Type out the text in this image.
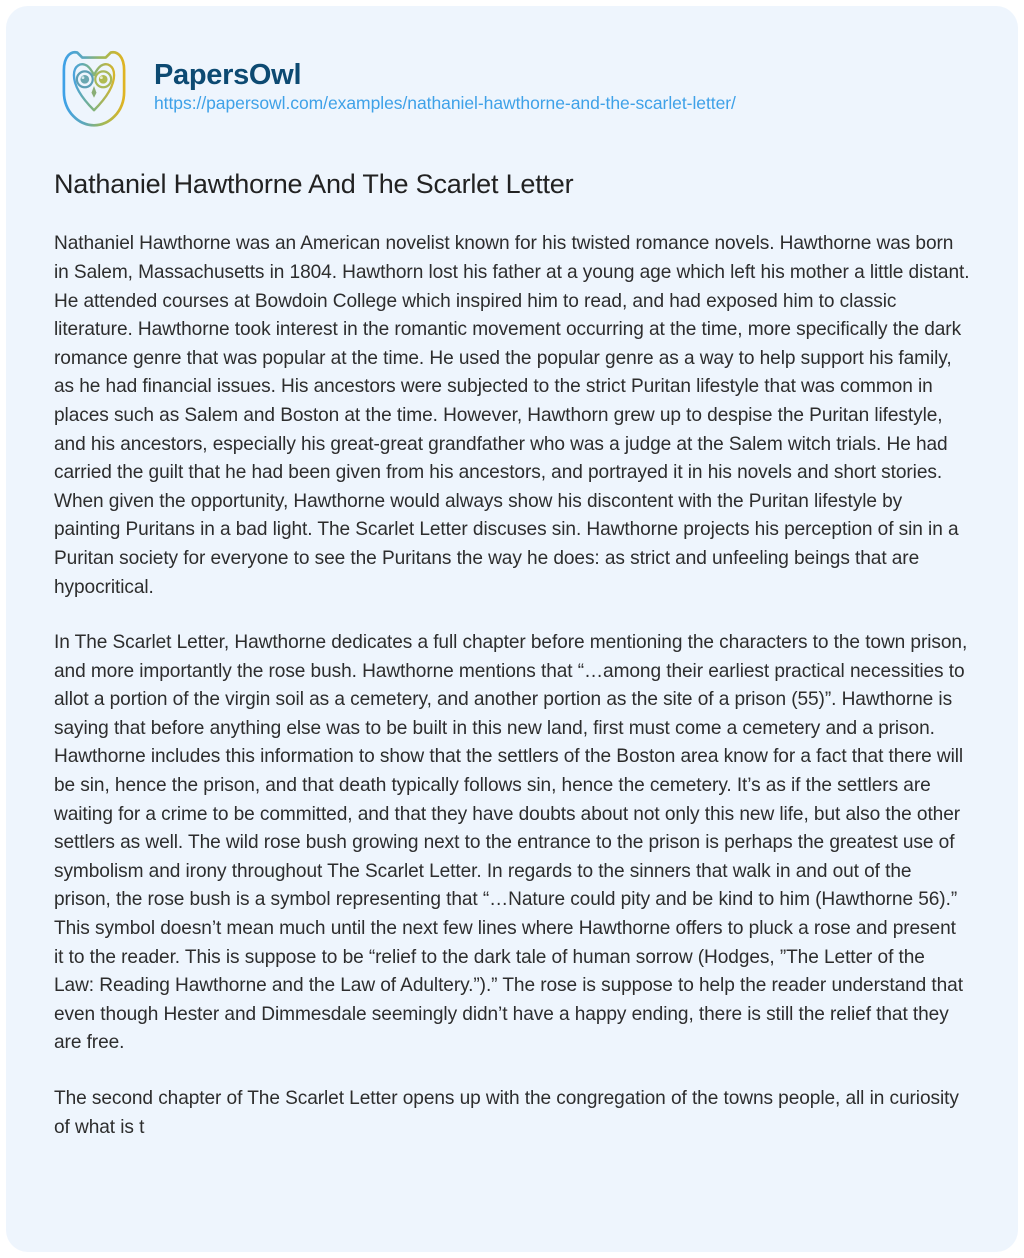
PapersOwl
https://papersowl.com/examples/nathaniel-hawthorne-and-the-scarlet-letter/
Nathaniel Hawthorne And The Scarlet Letter

Nathaniel Hawthorne was an American novelist known for his twisted romance novels. Hawthorne was born in Salem, Massachusetts in 1804. Hawthorn lost his father at a young age which left his mother a little distant. He attended courses at Bowdoin College which inspired him to read, and had exposed him to classic literature. Hawthorne took interest in the romantic movement occurring at the time, more specifically the dark romance genre that was popular at the time. He used the popular genre as a way to help support his family, as he had financial issues. His ancestors were subjected to the strict Puritan lifestyle that was common in places such as Salem and Boston at the time. However, Hawthorn grew up to despise the Puritan lifestyle, and his ancestors, especially his great-great grandfather who was a judge at the Salem witch trials. He had carried the guilt that he had been given from his ancestors, and portrayed it in his novels and short stories. When given the opportunity, Hawthorne would always show his discontent with the Puritan lifestyle by painting Puritans in a bad light. The Scarlet Letter discuses sin. Hawthorne projects his perception of sin in a Puritan society for everyone to see the Puritans the way he does: as strict and unfeeling beings that are hypocritical.

In The Scarlet Letter, Hawthorne dedicates a full chapter before mentioning the characters to the town prison, and more importantly the rose bush. Hawthorne mentions that “…among their earliest practical necessities to allot a portion of the virgin soil as a cemetery, and another portion as the site of a prison (55)”. Hawthorne is saying that before anything else was to be built in this new land, first must come a cemetery and a prison. Hawthorne includes this information to show that the settlers of the Boston area know for a fact that there will be sin, hence the prison, and that death typically follows sin, hence the cemetery. It’s as if the settlers are waiting for a crime to be committed, and that they have doubts about not only this new life, but also the other settlers as well. The wild rose bush growing next to the entrance to the prison is perhaps the greatest use of symbolism and irony throughout The Scarlet Letter. In regards to the sinners that walk in and out of the prison, the rose bush is a symbol representing that “…Nature could pity and be kind to him (Hawthorne 56).” This symbol doesn’t mean much until the next few lines where Hawthorne offers to pluck a rose and present it to the reader. This is suppose to be “relief to the dark tale of human sorrow (Hodges, ”The Letter of the Law: Reading Hawthorne and the Law of Adultery.”).” The rose is suppose to help the reader understand that even though Hester and Dimmesdale seemingly didn’t have a happy ending, there is still the relief that they are free.

The second chapter of The Scarlet Letter opens up with the congregation of the towns people, all in curiosity of what is t
